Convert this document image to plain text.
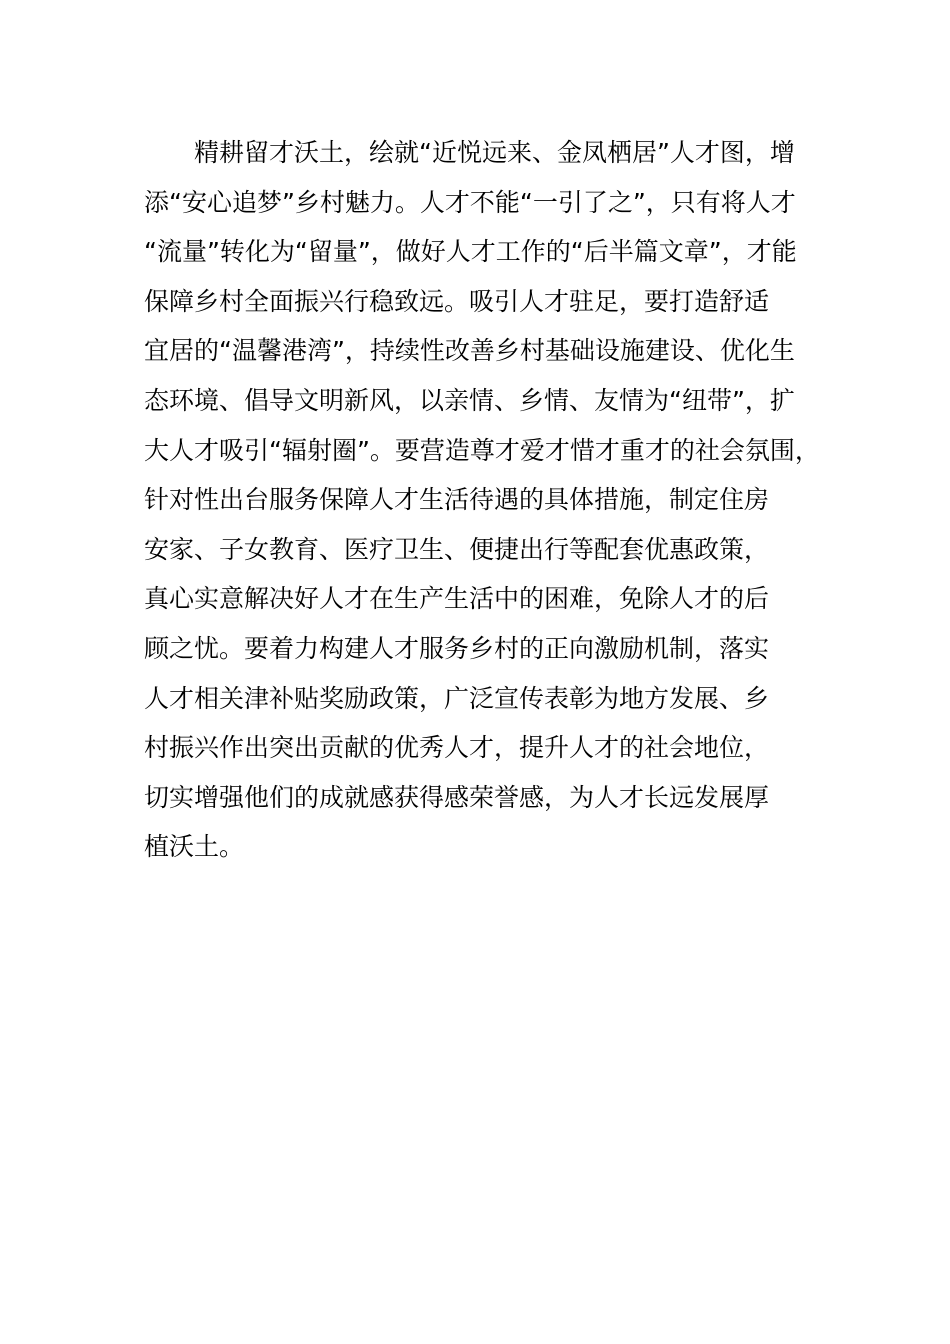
精耕留才沃土，绘就“近悦远来、金凤栖居”人才图，增
添“安心追梦”乡村魅力。人才不能“一引了之”，只有将人才
“流量”转化为“留量”，做好人才工作的“后半篇文章”，才能
保障乡村全面振兴行稳致远。吸引人才驻足，要打造舒适
宜居的“温馨港湾”，持续性改善乡村基础设施建设、优化生
态环境、倡导文明新风，以亲情、乡情、友情为“纽带”，扩
大人才吸引“辐射圈”。要营造尊才爱才惜才重才的社会氛围，
针对性出台服务保障人才生活待遇的具体措施，制定住房
安家、子女教育、医疗卫生、便捷出行等配套优惠政策，
真心实意解决好人才在生产生活中的困难，免除人才的后
顾之忧。要着力构建人才服务乡村的正向激励机制，落实
人才相关津补贴奖励政策，广泛宣传表彰为地方发展、乡
村振兴作出突出贡献的优秀人才，提升人才的社会地位，
切实增强他们的成就感获得感荣誉感，为人才长远发展厚
植沃土。
